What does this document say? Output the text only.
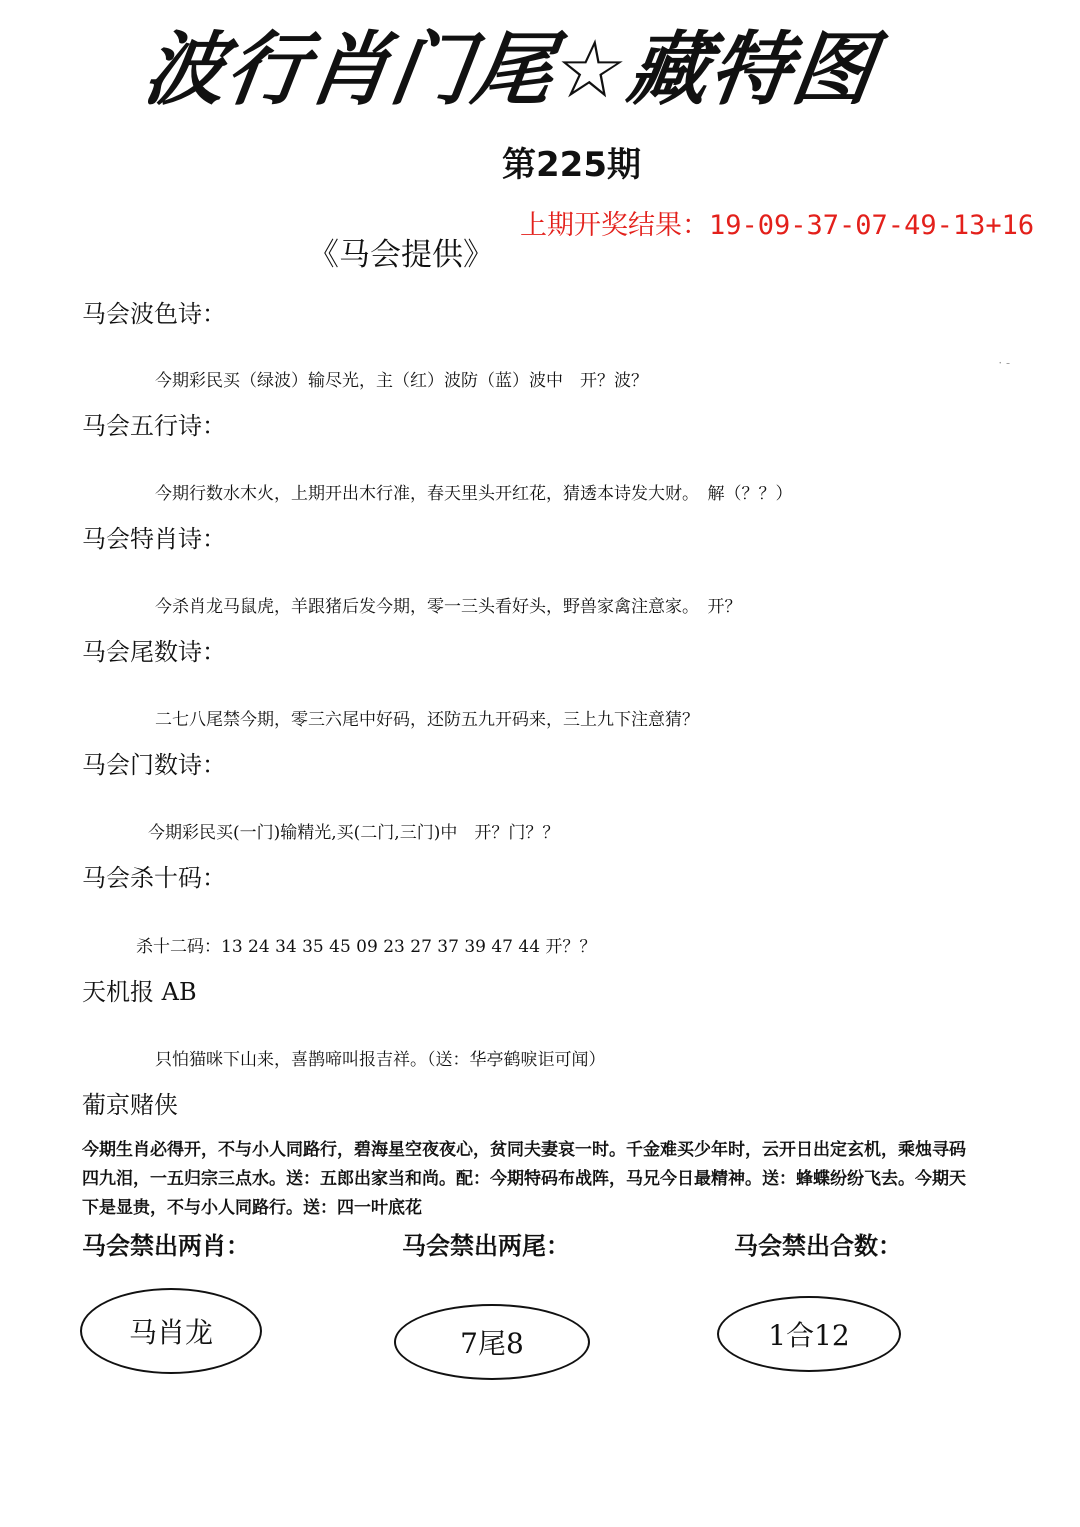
波行肖门尾☆藏特图
第225期
上期开奖结果：19-09-37-07-49-13+16
《马会提供》
· -
马会波色诗：
今期彩民买（绿波）输尽光，主（红）波防（蓝）波中　开？波？
马会五行诗：
今期行数水木火，上期开出木行准，春天里头开红花，猜透本诗发大财。　解（？？）
马会特肖诗：
今杀肖龙马鼠虎，羊跟猪后发今期，零一三头看好头，野兽家禽注意家。　开？
马会尾数诗：
二七八尾禁今期，零三六尾中好码，还防五九开码来，三上九下注意猜？
马会门数诗：
今期彩民买(一门)输精光,买(二门,三门)中　开？门？？
马会杀十码：
杀十二码：13 24 34 35 45 09 23 27 37 39 47 44 开？？
天机报 AB
只怕猫咪下山来，喜鹊啼叫报吉祥。（送：华亭鹤唳讵可闻）
葡京赌侠
今期生肖必得开，不与小人同路行，碧海星空夜夜心，贫同夫妻哀一时。千金难买少年时，云开日出定玄机，乘烛寻码四九泪，一五归宗三点水。送：五郎出家当和尚。配：今期特码布战阵，马兄今日最精神。送：蜂蝶纷纷飞去。今期天下是显贵，不与小人同路行。送：四一叶底花
马会禁出两肖：	马会禁出两尾：	马会禁出合数：
马肖龙	7尾8	1合12
